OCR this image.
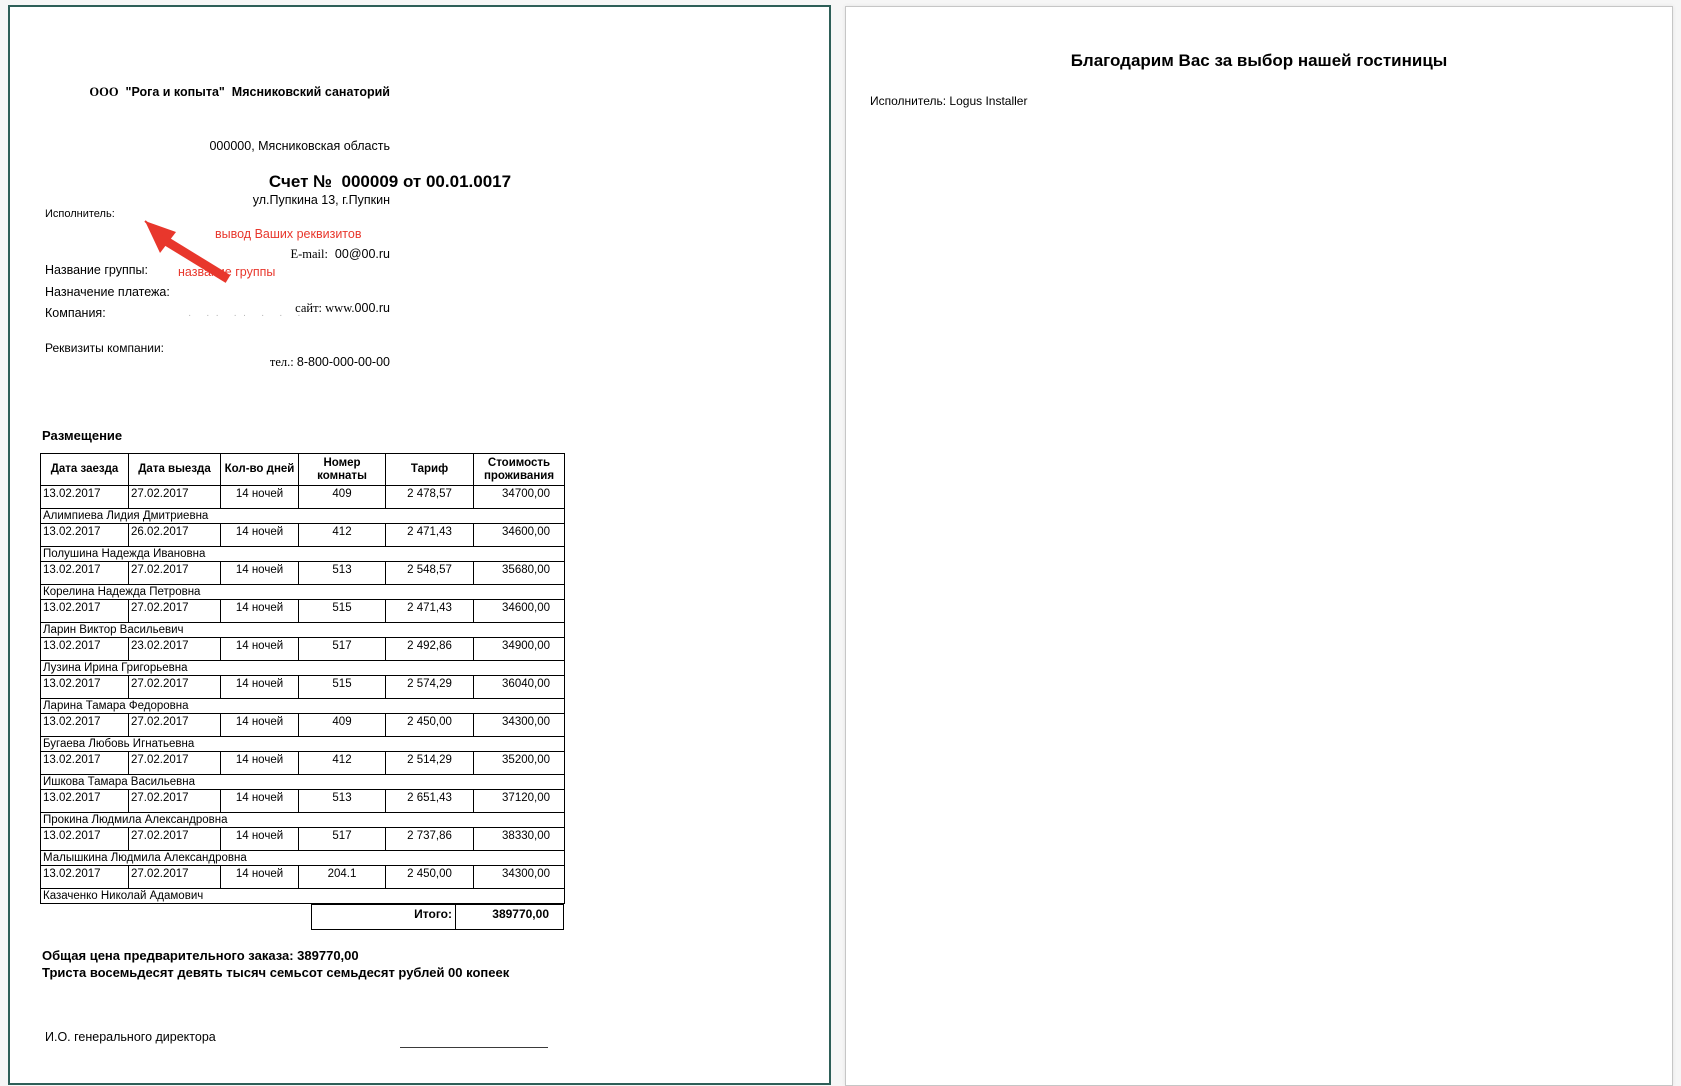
ООО  "Рога и копыта"  Мясниковский санаторий

000000, Мясниковская область

ул.Пупкина 13, г.Пупкин

E-mail:  00@00.ru

сайт: www.000.ru

тел.: 8-800-000-00-00

Счет №  000009 от 00.01.0017
Исполнитель:
вывод Ваших реквизитов
Название группы: название группы
Назначение платежа:
Компания:	· ·· ·· · · ·
Реквизиты компании:
Размещение
Дата заезда	Дата выезда	Кол-во дней	Номер комнаты	Тариф	Стоимость проживания
13.02.2017	27.02.2017	14 ночей	409	2 478,57	34700,00
Алимпиева Лидия Дмитриевна					
13.02.2017	26.02.2017	14 ночей	412	2 471,43	34600,00
Полушина Надежда Ивановна					
13.02.2017	27.02.2017	14 ночей	513	2 548,57	35680,00
Корелина Надежда Петровна					
13.02.2017	27.02.2017	14 ночей	515	2 471,43	34600,00
Ларин Виктор Васильевич					
13.02.2017	23.02.2017	14 ночей	517	2 492,86	34900,00
Лузина Ирина Григорьевна					
13.02.2017	27.02.2017	14 ночей	515	2 574,29	36040,00
Ларина Тамара Федоровна					
13.02.2017	27.02.2017	14 ночей	409	2 450,00	34300,00
Бугаева Любовь Игнатьевна					
13.02.2017	27.02.2017	14 ночей	412	2 514,29	35200,00
Ишкова Тамара Васильевна					
13.02.2017	27.02.2017	14 ночей	513	2 651,43	37120,00
Прокина Людмила Александровна					
13.02.2017	27.02.2017	14 ночей	517	2 737,86	38330,00
Малышкина Людмила Александровна					
13.02.2017	27.02.2017	14 ночей	204.1	2 450,00	34300,00
Казаченко Николай Адамович					
Итого:	389770,00
Общая цена предварительного заказа: 389770,00
Триста восемьдесят девять тысяч семьсот семьдесят рублей 00 копеек
И.О. генерального директора
Благодарим Вас за выбор нашей гостиницы
Исполнитель: Logus Installer
